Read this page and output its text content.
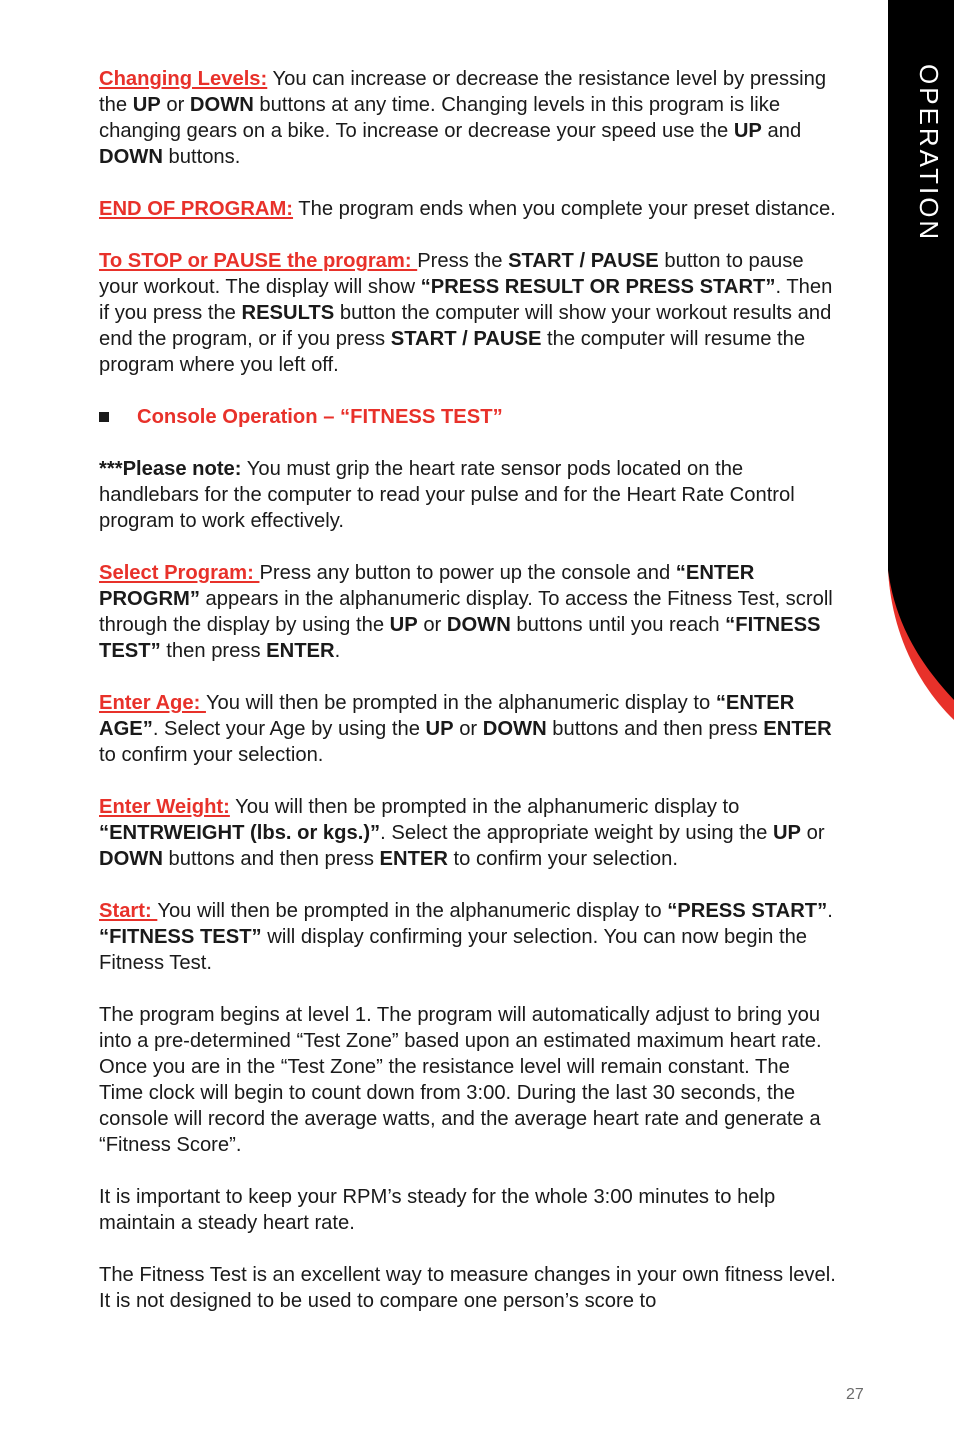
OPERATION

Changing Levels: You can increase or decrease the resistance level by pressing the UP or DOWN buttons at any time. Changing levels in this program is like changing gears on a bike. To increase or decrease your speed use the UP and DOWN buttons.

END OF PROGRAM: The program ends when you complete your preset distance.

To STOP or PAUSE the program: Press the START / PAUSE button to pause your workout. The display will show “PRESS RESULT OR PRESS START”. Then if you press the RESULTS button the computer will show your workout results and end the program, or if you press START / PAUSE the computer will resume the program where you left off.

Console Operation – “FITNESS TEST”

***Please note: You must grip the heart rate sensor pods located on the handlebars for the computer to read your pulse and for the Heart Rate Control program to work effectively.

Select Program: Press any button to power up the console and “ENTER PROGRM” appears in the alphanumeric display. To access the Fitness Test, scroll through the display by using the UP or DOWN buttons until you reach “FITNESS TEST” then press ENTER.

Enter Age: You will then be prompted in the alphanumeric display to “ENTER AGE”. Select your Age by using the UP or DOWN buttons and then press ENTER to confirm your selection.

Enter Weight: You will then be prompted in the alphanumeric display to “ENTRWEIGHT (lbs. or kgs.)”. Select the appropriate weight by using the UP or DOWN buttons and then press ENTER to confirm your selection.

Start: You will then be prompted in the alphanumeric display to “PRESS START”. “FITNESS TEST” will display confirming your selection. You can now begin the Fitness Test.

The program begins at level 1. The program will automatically adjust to bring you into a pre-determined “Test Zone” based upon an estimated maximum heart rate. Once you are in the “Test Zone” the resistance level will remain constant. The Time clock will begin to count down from 3:00. During the last 30 seconds, the console will record the average watts, and the average heart rate and generate a “Fitness Score”.

It is important to keep your RPM’s steady for the whole 3:00 minutes to help maintain a steady heart rate.

The Fitness Test is an excellent way to measure changes in your own fitness level. It is not designed to be used to compare one person’s score to

27
